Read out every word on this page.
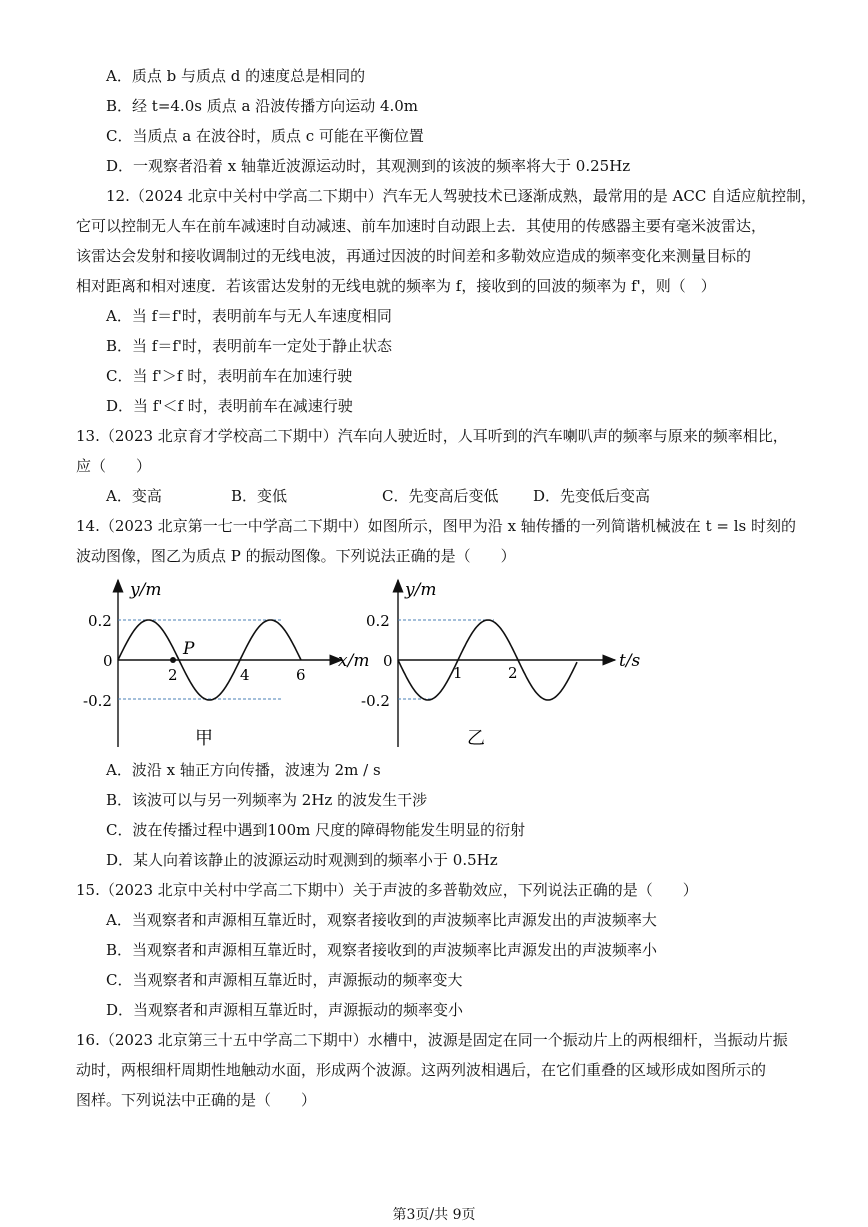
A．质点 b 与质点 d 的速度总是相同的
B．经 t=4.0s 质点 a 沿波传播方向运动 4.0m
C．当质点 a 在波谷时，质点 c 可能在平衡位置
D．一观察者沿着 x 轴靠近波源运动时，其观测到的该波的频率将大于 0.25Hz
12.（2024 北京中关村中学高二下期中）汽车无人驾驶技术已逐渐成熟，最常用的是 ACC 自适应航控制，
它可以控制无人车在前车减速时自动减速、前车加速时自动跟上去．其使用的传感器主要有毫米波雷达，
该雷达会发射和接收调制过的无线电波，再通过因波的时间差和多勒效应造成的频率变化来测量目标的
相对距离和相对速度．若该雷达发射的无线电就的频率为 f，接收到的回波的频率为 f'，则（　）
A．当 f＝f'时，表明前车与无人车速度相同
B．当 f＝f'时，表明前车一定处于静止状态
C．当 f'＞f 时，表明前车在加速行驶
D．当 f'＜f 时，表明前车在减速行驶
13.（2023 北京育才学校高二下期中）汽车向人驶近时，人耳听到的汽车喇叭声的频率与原来的频率相比，
应（　　）
A．变高	B．变低	C．先变高后变低 D．先变低后变高
14.（2023 北京第一七一中学高二下期中）如图所示，图甲为沿 x 轴传播的一列简谐机械波在 t = ls 时刻的
波动图像，图乙为质点 P 的振动图像。下列说法正确的是（　　）
P
y/m
x/m
0.2
0
-0.2
2	4	6
甲
y/m
t/s
0.2
0
-0.2
1	2
乙
A．波沿 x 轴正方向传播，波速为 2m / s
B．该波可以与另一列频率为 2Hz 的波发生干涉
C．波在传播过程中遇到100m 尺度的障碍物能发生明显的衍射
D．某人向着该静止的波源运动时观测到的频率小于 0.5Hz
15.（2023 北京中关村中学高二下期中）关于声波的多普勒效应，下列说法正确的是（　　）
A．当观察者和声源相互靠近时，观察者接收到的声波频率比声源发出的声波频率大
B．当观察者和声源相互靠近时，观察者接收到的声波频率比声源发出的声波频率小
C．当观察者和声源相互靠近时，声源振动的频率变大
D．当观察者和声源相互靠近时，声源振动的频率变小
16.（2023 北京第三十五中学高二下期中）水槽中，波源是固定在同一个振动片上的两根细杆，当振动片振
动时，两根细杆周期性地触动水面，形成两个波源。这两列波相遇后，在它们重叠的区域形成如图所示的
图样。下列说法中正确的是（　　）
第3页/共 9页
